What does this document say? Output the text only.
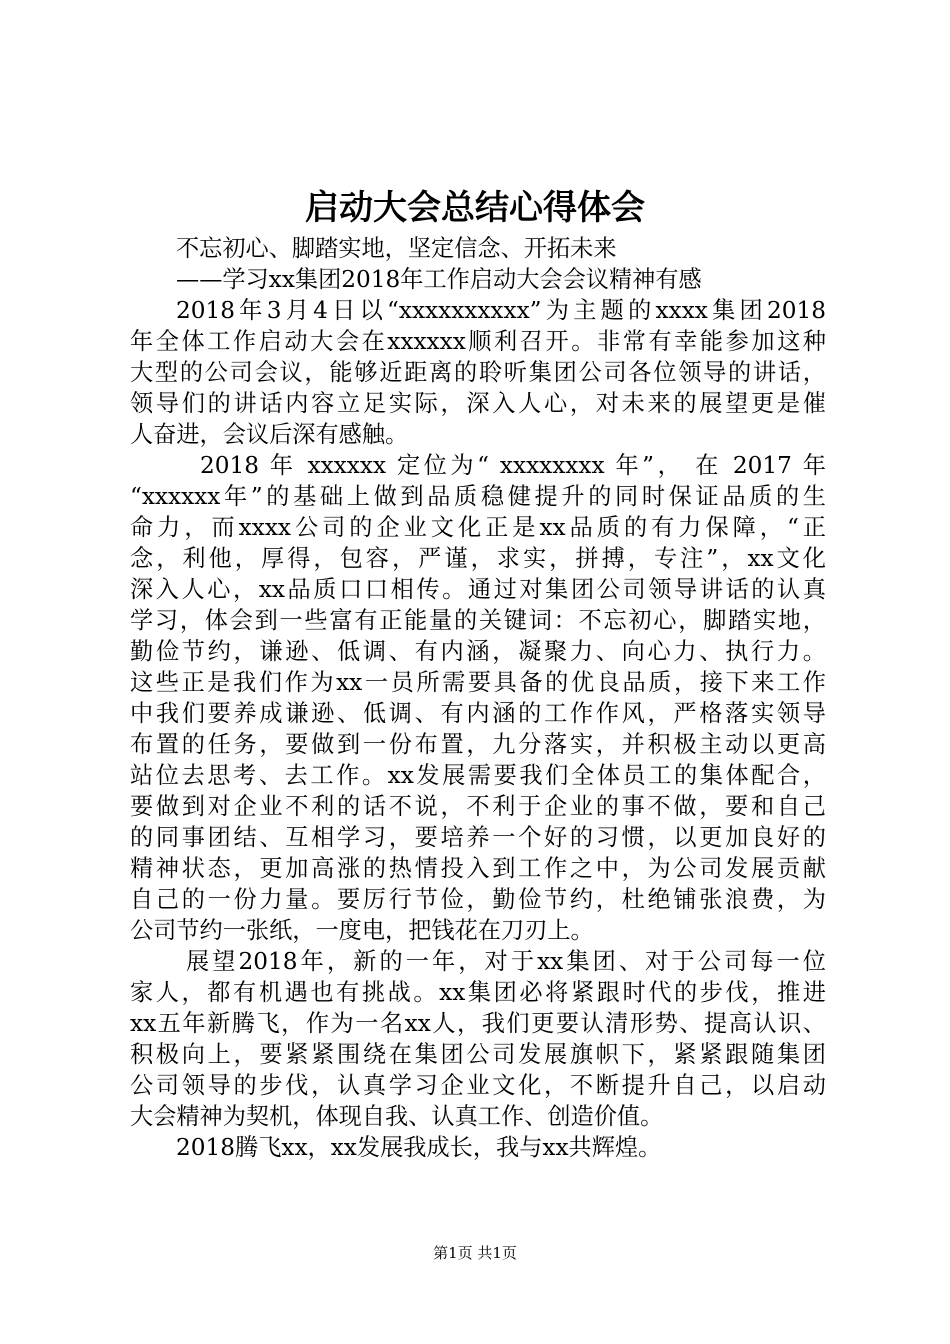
启动大会总结心得体会
不忘初心、脚踏实地，坚定信念、开拓未来
——学习xx集团2018年工作启动大会会议精神有感
2018年3月4日以“xxxxxxxxxx”为主题的xxxx集团2018
年全体工作启动大会在xxxxxx顺利召开。非常有幸能参加这种
大型的公司会议，能够近距离的聆听集团公司各位领导的讲话，
领导们的讲话内容立足实际，深入人心，对未来的展望更是催
人奋进，会议后深有感触。
2018 年 xxxxxx 定位为“ xxxxxxxx 年”， 在 2017 年
“xxxxxx年”的基础上做到品质稳健提升的同时保证品质的生
命力，而xxxx公司的企业文化正是xx品质的有力保障，“正
念，利他，厚得，包容，严谨，求实，拼搏，专注”，xx文化
深入人心，xx品质口口相传。通过对集团公司领导讲话的认真
学习，体会到一些富有正能量的关键词：不忘初心，脚踏实地，
勤俭节约，谦逊、低调、有内涵，凝聚力、向心力、执行力。
这些正是我们作为xx一员所需要具备的优良品质，接下来工作
中我们要养成谦逊、低调、有内涵的工作作风，严格落实领导
布置的任务，要做到一份布置，九分落实，并积极主动以更高
站位去思考、去工作。xx发展需要我们全体员工的集体配合，
要做到对企业不利的话不说，不利于企业的事不做，要和自己
的同事团结、互相学习，要培养一个好的习惯，以更加良好的
精神状态，更加高涨的热情投入到工作之中，为公司发展贡献
自己的一份力量。要厉行节俭，勤俭节约，杜绝铺张浪费，为
公司节约一张纸，一度电，把钱花在刀刃上。
展望2018年，新的一年，对于xx集团、对于公司每一位
家人，都有机遇也有挑战。xx集团必将紧跟时代的步伐，推进
xx五年新腾飞，作为一名xx人，我们更要认清形势、提高认识、
积极向上，要紧紧围绕在集团公司发展旗帜下，紧紧跟随集团
公司领导的步伐，认真学习企业文化，不断提升自己，以启动
大会精神为契机，体现自我、认真工作、创造价值。
2018腾飞xx，xx发展我成长，我与xx共辉煌。
第1页 共1页
